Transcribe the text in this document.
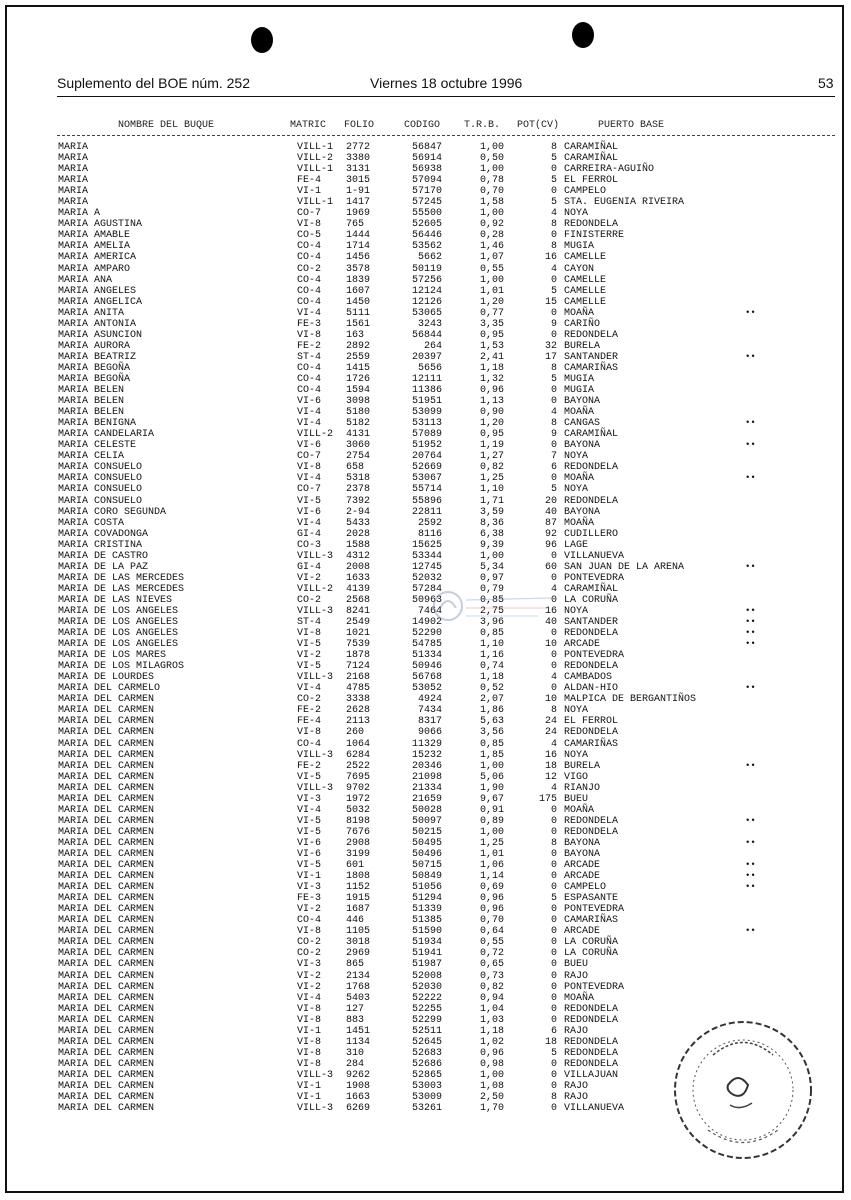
Suplemento del BOE núm. 252	Viernes 18 octubre 1996	53
NOMBRE DEL BUQUE	MATRIC FOLIO	CODIGO T.R.B. POT(CV)	PUERTO BASE
MARIA	VILL-1 2772	56847	1,00	8 CARAMIÑAL
MARIA	VILL-2 3380	56914	0,50	5 CARAMIÑAL
MARIA	VILL-1 3131	56938	1,00	0 CARREIRA-AGUIÑO
MARIA	FE-4 3015	57094	0,78	5 EL FERROL
MARIA	VI-1 1-91	57170	0,70	0 CAMPELO
MARIA	VILL-1 1417	57245	1,58	5 STA. EUGENIA RIVEIRA
MARIA A	CO-7 1969	55500	1,00	4 NOYA
MARIA AGUSTINA	VI-8 765	52605	0,92	8 REDONDELA
MARIA AMABLE	CO-5 1444	56446	0,28	0 FINISTERRE
MARIA AMELIA	CO-4 1714	53562	1,46	8 MUGIA
MARIA AMERICA	CO-4 1456	5662	1,07	16 CAMELLE
MARIA AMPARO	CO-2 3578	50119	0,55	4 CAYON
MARIA ANA	CO-4 1839	57256	1,00	0 CAMELLE
MARIA ANGELES	CO-4 1607	12124	1,01	5 CAMELLE
MARIA ANGELICA	CO-4 1450	12126	1,20	15 CAMELLE
MARIA ANITA	VI-4 5111	53065	0,77	0 MOAÑA	••
MARIA ANTONIA	FE-3 1561	3243	3,35	9 CARIÑO
MARIA ASUNCION	VI-8 163	56844	0,95	0 REDONDELA
MARIA AURORA	FE-2 2892	264	1,53	32 BURELA
MARIA BEATRIZ	ST-4 2559	20397	2,41	17 SANTANDER	••
MARIA BEGOÑA	CO-4 1415	5656	1,18	8 CAMARIÑAS
MARIA BEGOÑA	CO-4 1726	12111	1,32	5 MUGIA
MARIA BELEN	CO-4 1594	11386	0,96	0 MUGIA
MARIA BELEN	VI-6 3098	51951	1,13	0 BAYONA
MARIA BELEN	VI-4 5180	53099	0,90	4 MOAÑA
MARIA BENIGNA	VI-4 5182	53113	1,20	8 CANGAS	••
MARIA CANDELARIA	VILL-2 4131	57089	0,95	9 CARAMIÑAL
MARIA CELESTE	VI-6 3060	51952	1,19	0 BAYONA	••
MARIA CELIA	CO-7 2754	20764	1,27	7 NOYA
MARIA CONSUELO	VI-8 658	52669	0,82	6 REDONDELA
MARIA CONSUELO	VI-4 5318	53067	1,25	0 MOAÑA	••
MARIA CONSUELO	CO-7 2378	55714	1,10	5 NOYA
MARIA CONSUELO	VI-5 7392	55896	1,71	20 REDONDELA
MARIA CORO SEGUNDA	VI-6 2-94	22811	3,59	40 BAYONA
MARIA COSTA	VI-4 5433	2592	8,36	87 MOAÑA
MARIA COVADONGA	GI-4 2028	8116	6,38	92 CUDILLERO
MARIA CRISTINA	CO-3 1588	15625	9,39	96 LAGE
MARIA DE CASTRO	VILL-3 4312	53344	1,00	0 VILLANUEVA
MARIA DE LA PAZ	GI-4 2008	12745	5,34	60 SAN JUAN DE LA ARENA	••
MARIA DE LAS MERCEDES	VI-2 1633	52032	0,97	0 PONTEVEDRA
MARIA DE LAS MERCEDES	VILL-2 4139	57284	0,79	4 CARAMIÑAL
MARIA DE LAS NIEVES	CO-2 2568	50963	0,85	0 LA CORUÑA
MARIA DE LOS ANGELES	VILL-3 8241	7464	2,75	16 NOYA	••
MARIA DE LOS ANGELES	ST-4 2549	14902	3,96	40 SANTANDER	••
MARIA DE LOS ANGELES	VI-8 1021	52290	0,85	0 REDONDELA	••
MARIA DE LOS ANGELES	VI-5 7539	54785	1,10	10 ARCADE	••
MARIA DE LOS MARES	VI-2 1878	51334	1,16	0 PONTEVEDRA
MARIA DE LOS MILAGROS	VI-5 7124	50946	0,74	0 REDONDELA
MARIA DE LOURDES	VILL-3 2168	56768	1,18	4 CAMBADOS
MARIA DEL CARMELO	VI-4 4785	53052	0,52	0 ALDAN-HIO	••
MARIA DEL CARMEN	CO-2 3338	4924	2,07	10 MALPICA DE BERGANTIÑOS
MARIA DEL CARMEN	FE-2 2628	7434	1,86	8 NOYA
MARIA DEL CARMEN	FE-4 2113	8317	5,63	24 EL FERROL
MARIA DEL CARMEN	VI-8 260	9066	3,56	24 REDONDELA
MARIA DEL CARMEN	CO-4 1064	11329	0,85	4 CAMARIÑAS
MARIA DEL CARMEN	VILL-3 6284	15232	1,85	16 NOYA
MARIA DEL CARMEN	FE-2 2522	20346	1,00	18 BURELA	••
MARIA DEL CARMEN	VI-5 7695	21098	5,06	12 VIGO
MARIA DEL CARMEN	VILL-3 9702	21334	1,90	4 RIANJO
MARIA DEL CARMEN	VI-3 1972	21659	9,67	175 BUEU
MARIA DEL CARMEN	VI-4 5032	50028	0,91	0 MOAÑA
MARIA DEL CARMEN	VI-5 8198	50097	0,89	0 REDONDELA	••
MARIA DEL CARMEN	VI-5 7676	50215	1,00	0 REDONDELA
MARIA DEL CARMEN	VI-6 2908	50495	1,25	8 BAYONA	••
MARIA DEL CARMEN	VI-6 3199	50496	1,01	0 BAYONA
MARIA DEL CARMEN	VI-5 601	50715	1,06	0 ARCADE	••
MARIA DEL CARMEN	VI-1 1808	50849	1,14	0 ARCADE	••
MARIA DEL CARMEN	VI-3 1152	51056	0,69	0 CAMPELO	••
MARIA DEL CARMEN	FE-3 1915	51294	0,96	5 ESPASANTE
MARIA DEL CARMEN	VI-2 1687	51339	0,96	0 PONTEVEDRA
MARIA DEL CARMEN	CO-4 446	51385	0,70	0 CAMARIÑAS
MARIA DEL CARMEN	VI-8 1105	51590	0,64	0 ARCADE	••
MARIA DEL CARMEN	CO-2 3018	51934	0,55	0 LA CORUÑA
MARIA DEL CARMEN	CO-2 2969	51941	0,72	0 LA CORUÑA
MARIA DEL CARMEN	VI-3 865	51987	0,65	0 BUEU
MARIA DEL CARMEN	VI-2 2134	52008	0,73	0 RAJO
MARIA DEL CARMEN	VI-2 1768	52030	0,82	0 PONTEVEDRA
MARIA DEL CARMEN	VI-4 5403	52222	0,94	0 MOAÑA
MARIA DEL CARMEN	VI-8 127	52255	1,04	0 REDONDELA
MARIA DEL CARMEN	VI-8 883	52299	1,03	0 REDONDELA
MARIA DEL CARMEN	VI-1 1451	52511	1,18	6 RAJO
MARIA DEL CARMEN	VI-8 1134	52645	1,02	18 REDONDELA
MARIA DEL CARMEN	VI-8 310	52683	0,96	5 REDONDELA
MARIA DEL CARMEN	VI-8 284	52686	0,98	0 REDONDELA
MARIA DEL CARMEN	VILL-3 9262	52865	1,00	0 VILLAJUAN
MARIA DEL CARMEN	VI-1 1908	53003	1,08	0 RAJO
MARIA DEL CARMEN	VI-1 1663	53009	2,50	8 RAJO
MARIA DEL CARMEN	VILL-3 6269	53261	1,70	0 VILLANUEVA
